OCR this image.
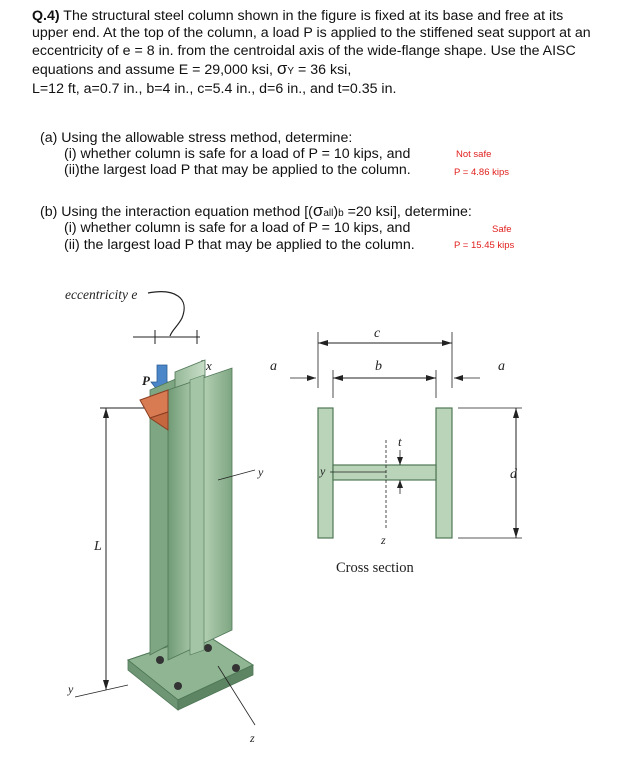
Q.4) The structural steel column shown in the figure is fixed at its base and free at its upper end. At the top of the column, a load P is applied to the stiffened seat support at an eccentricity of e = 8 in. from the centroidal axis of the wide-flange shape. Use the AISC equations and assume E = 29,000 ksi, σY = 36 ksi,
L=12 ft, a=0.7 in., b=4 in., c=5.4 in., d=6 in., and t=0.35 in.
(a) Using the allowable stress method, determine:
(i) whether column is safe for a load of P = 10 kips, and	Not safe
(ii)the largest load P that may be applied to the column.	P = 4.86 kips
(b) Using the interaction equation method [(σall)b =20 ksi], determine:
(i) whether column is safe for a load of P = 10 kips, and	Safe
(ii) the largest load P that may be applied to the column.	P = 15.45 kips
eccentricity e
P
L
x
y
y
z
c
b
a	a
t
d
y
z
Cross section
